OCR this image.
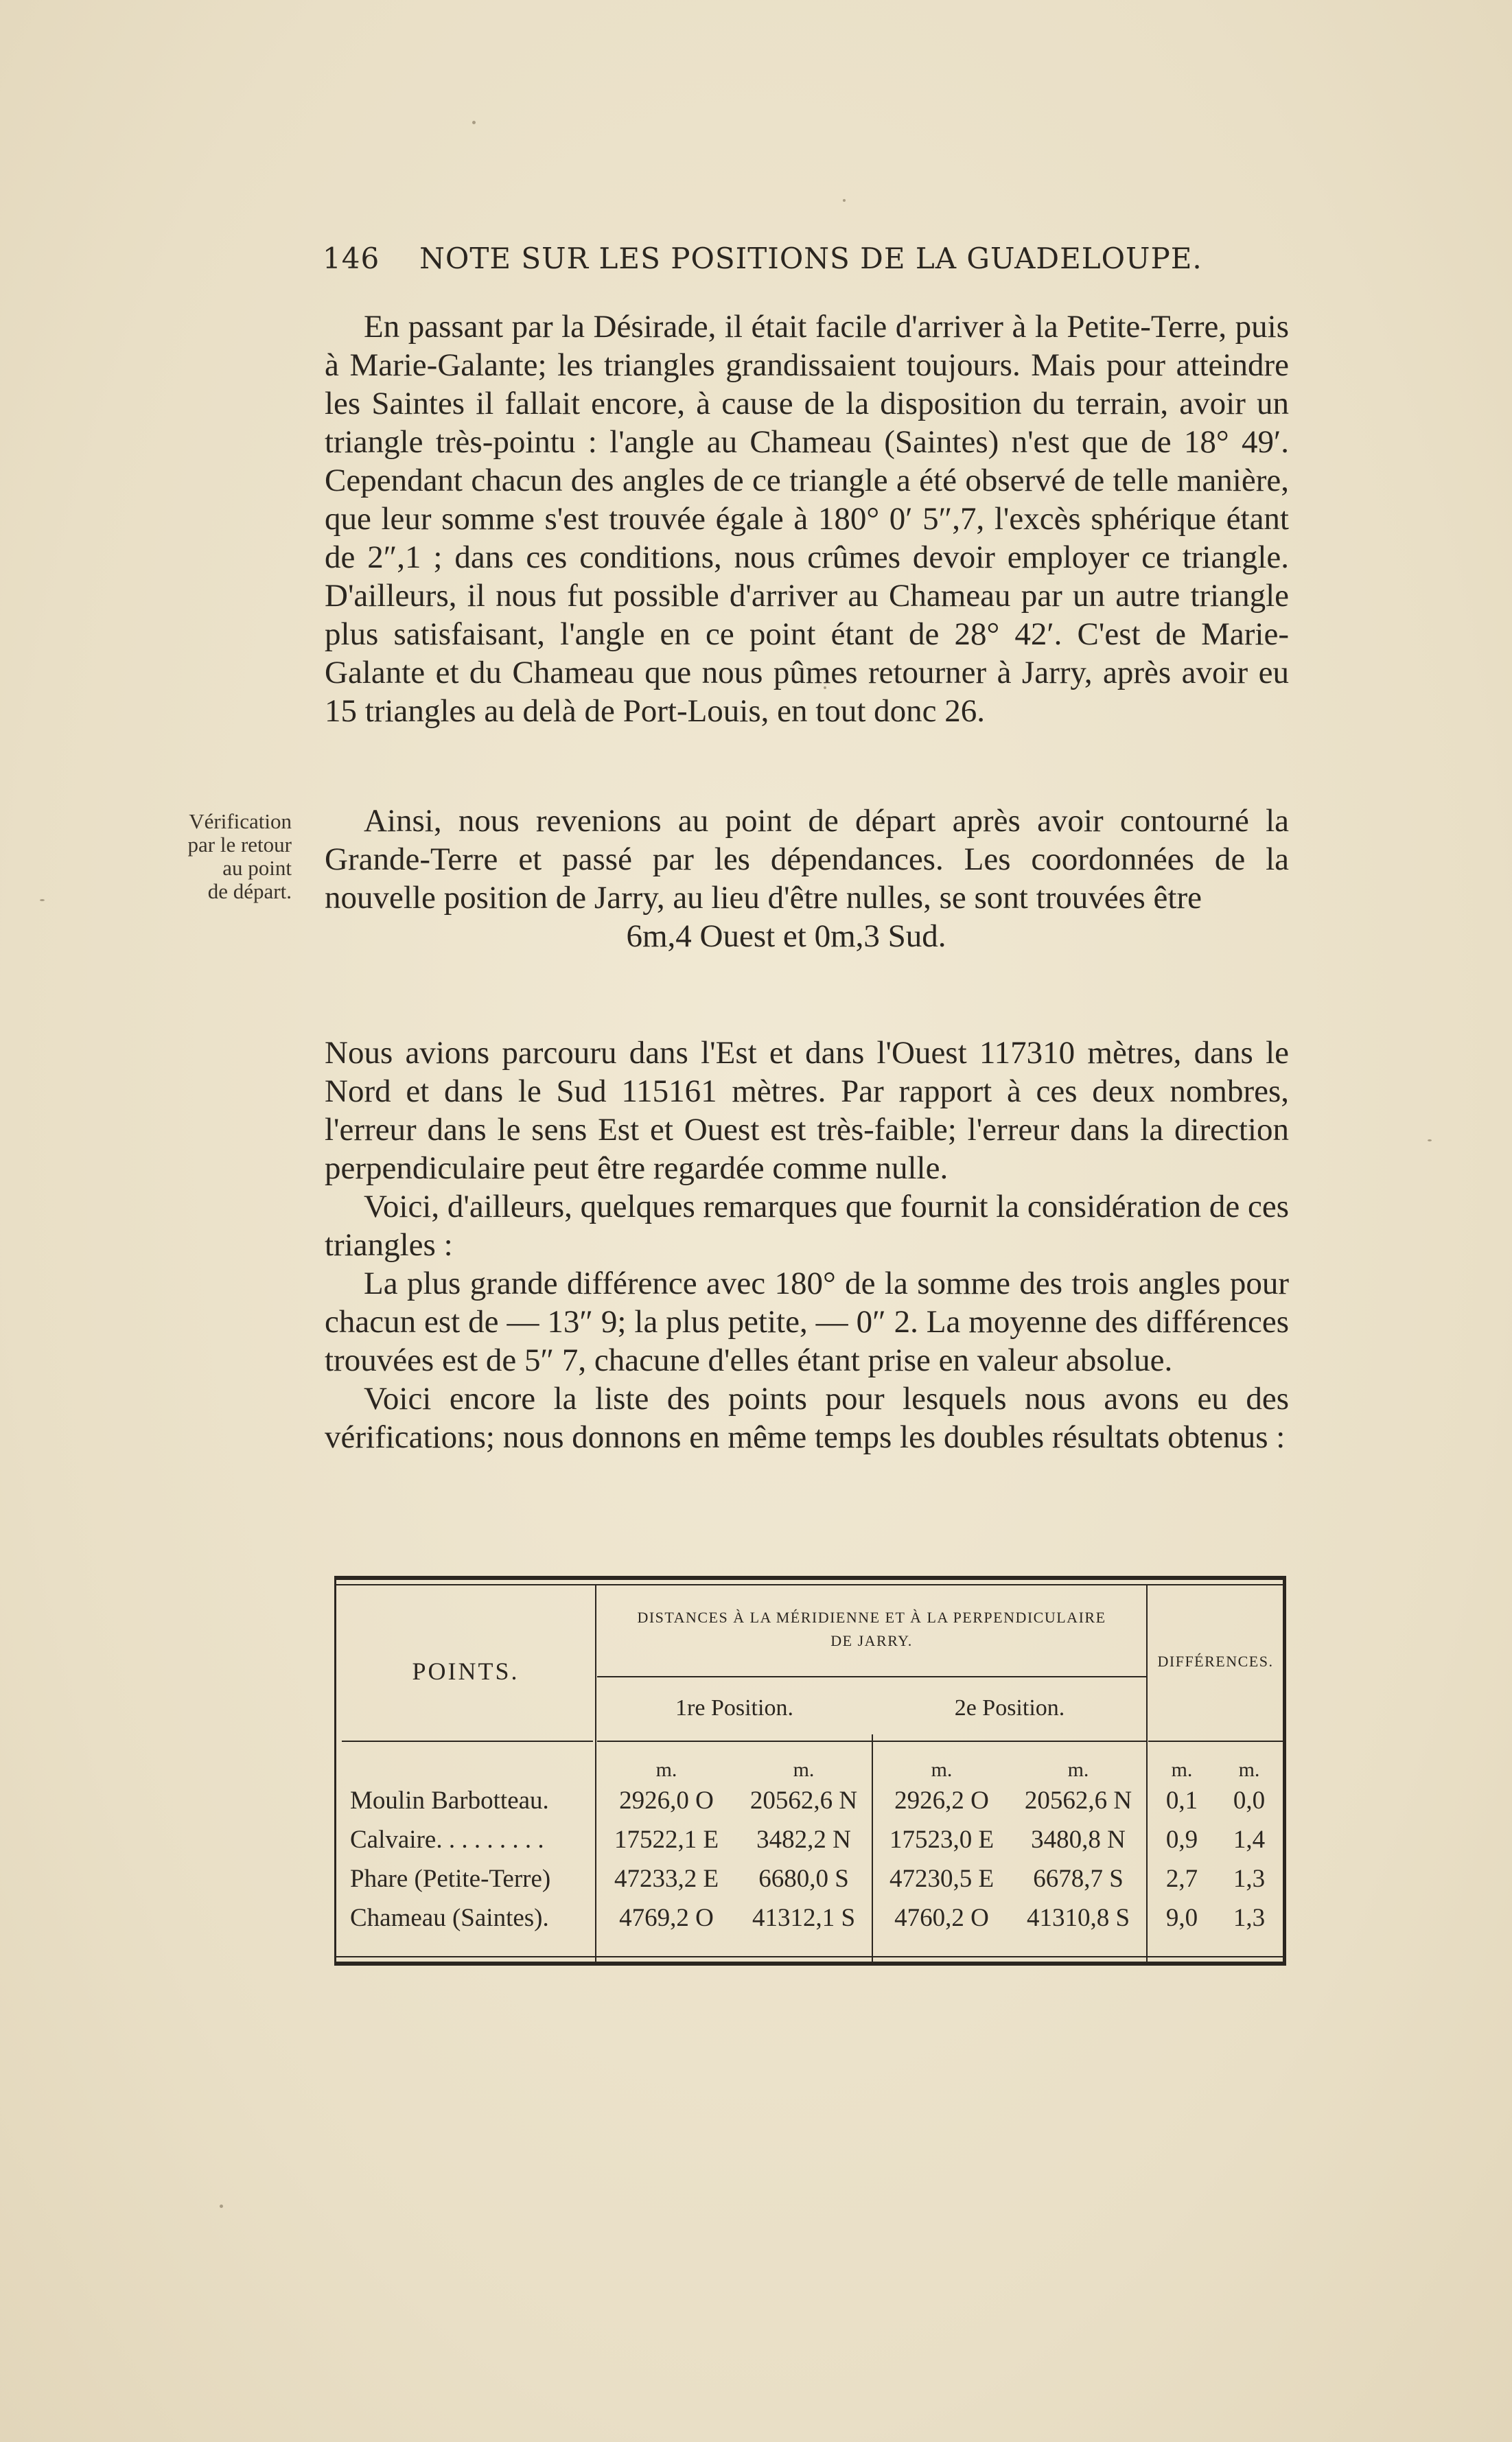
146 NOTE SUR LES POSITIONS DE LA GUADELOUPE.

En passant par la Désirade, il était facile d'arriver à la Petite-Terre, puis à Marie-Galante; les triangles grandissaient toujours. Mais pour atteindre les Saintes il fallait encore, à cause de la disposition du terrain, avoir un triangle très-pointu : l'angle au Chameau (Saintes) n'est que de 18° 49′. Cependant chacun des angles de ce triangle a été observé de telle manière, que leur somme s'est trouvée égale à 180° 0′ 5″,7, l'excès sphérique étant de 2″,1 ; dans ces conditions, nous crûmes devoir employer ce triangle. D'ailleurs, il nous fut possible d'arriver au Chameau par un autre triangle plus satisfaisant, l'angle en ce point étant de 28° 42′. C'est de Marie-Galante et du Chameau que nous pûmes retourner à Jarry, après avoir eu 15 triangles au delà de Port-Louis, en tout donc 26.

Vérification
par le retour
au point
de départ.

Ainsi, nous revenions au point de départ après avoir contourné la Grande-Terre et passé par les dépendances. Les coordonnées de la nouvelle position de Jarry, au lieu d'être nulles, se sont trouvées être

6m,4 Ouest et 0m,3 Sud.

Nous avions parcouru dans l'Est et dans l'Ouest 117310 mètres, dans le Nord et dans le Sud 115161 mètres. Par rapport à ces deux nombres, l'erreur dans le sens Est et Ouest est très-faible; l'erreur dans la direction perpendiculaire peut être regardée comme nulle.

Voici, d'ailleurs, quelques remarques que fournit la considération de ces triangles :

La plus grande différence avec 180° de la somme des trois angles pour chacun est de — 13″ 9; la plus petite, — 0″ 2. La moyenne des différences trouvées est de 5″ 7, chacune d'elles étant prise en valeur absolue.

Voici encore la liste des points pour lesquels nous avons eu des vérifications; nous donnons en même temps les doubles résultats obtenus :

POINTS.
DISTANCES À LA MÉRIDIENNE ET À LA PERPENDICULAIRE
DE JARRY.
DIFFÉRENCES.
1re Position.	2e Position.
m.	m.	m.	m.	m.	m.
Moulin Barbotteau.	2926,0 O	20562,6 N	2926,2 O	20562,6 N	0,1	0,0
Calvaire. . . . . . . . .	17522,1 E	3482,2 N	17523,0 E	3480,8 N	0,9	1,4
Phare (Petite-Terre)	47233,2 E	6680,0 S	47230,5 E	6678,7 S	2,7	1,3
Chameau (Saintes).	4769,2 O	41312,1 S	4760,2 O	41310,8 S	9,0	1,3
